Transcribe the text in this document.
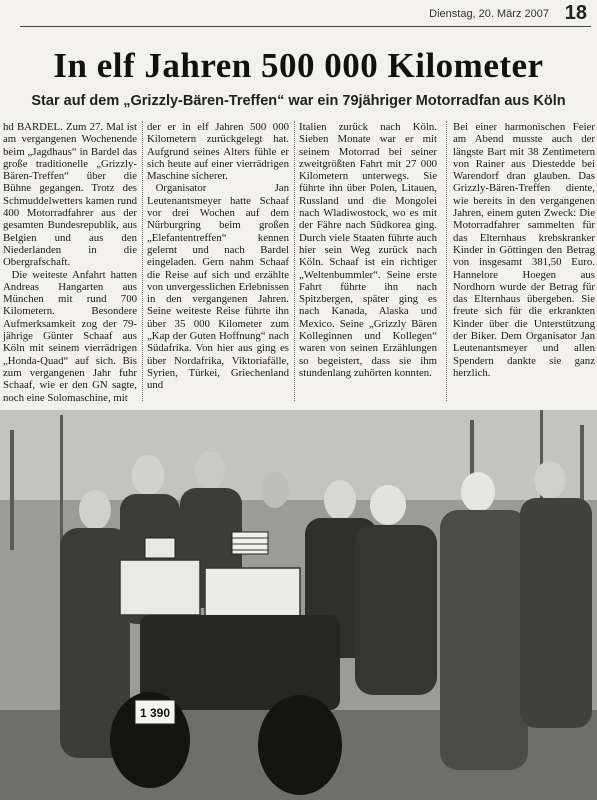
Dienstag, 20. März 2007 18
In elf Jahren 500 000 Kilometer
Star auf dem „Grizzly-Bären-Treffen“ war ein 79jähriger Motorradfan aus Köln

hd BARDEL. Zum 27. Mal ist am vergangenen Wochenende beim „Jagdhaus“ in Bardel das große traditionelle „Grizzly-Bären-Treffen“ über die Bühne gegangen. Trotz des Schmuddelwetters kamen rund 400 Motorradfahrer aus der gesamten Bundesrepublik, aus Belgien und aus den Niederlanden in die Obergrafschaft.

Die weiteste Anfahrt hatten Andreas Hangarten aus München mit rund 700 Kilometern. Besondere Aufmerksamkeit zog der 79-jährige Günter Schaaf aus Köln mit seinem vierrädrigen „Honda-Quad“ auf sich. Bis zum vergangenen Jahr fuhr Schaaf, wie er den GN sagte, noch eine Solomaschine, mit

der er in elf Jahren 500 000 Kilometern zurückgelegt hat. Aufgrund seines Alters fühle er sich heute auf einer vierrädrigen Maschine sicherer.

Organisator Jan Leutenantsmeyer hatte Schaaf vor drei Wochen auf dem Nürburgring beim großen „Elefantentreffen“ kennen gelernt und nach Bardel eingeladen. Gern nahm Schaaf die Reise auf sich und erzählte von unvergesslichen Erlebnissen in den vergangenen Jahren. Seine weiteste Reise führte ihn über 35 000 Kilometer zum „Kap der Guten Hoffnung“ nach Südafrika. Von hier aus ging es über Nordafrika, Viktoriafälle, Syrien, Türkei, Griechenland und

Italien zurück nach Köln. Sieben Monate war er mit seinem Motorrad bei seiner zweitgrößten Fahrt mit 27 000 Kilometern unterwegs. Sie führte ihn über Polen, Litauen, Russland und die Mongolei nach Wladiwostock, wo es mit der Fähre nach Südkorea ging. Durch viele Staaten führte auch hier sein Weg zurück nach Köln. Schaaf ist ein richtiger „Weltenbummler“. Seine erste Fahrt führte ihn nach Spitzbergen, später ging es nach Kanada, Alaska und Mexico. Seine „Grizzly Bären Kolleginnen und Kollegen“ waren von seinen Erzählungen so begeistert, dass sie ihm stundenlang zuhörten konnten.

Bei einer harmonischen Feier am Abend musste auch der längste Bart mit 38 Zentimetern von Rainer aus Diestedde bei Warendorf dran glauben. Das Grizzly-Bären-Treffen diente, wie bereits in den vergangenen Jahren, einem guten Zweck: Die Motorradfahrer sammelten für das Elternhaus krebskranker Kinder in Göttingen den Betrag von insgesamt 381,50 Euro. Hannelore Hoegen aus Nordhorn wurde der Betrag für das Elternhaus übergeben. Sie freute sich für die erkrankten Kinder über die Unterstützung der Biker. Dem Organisator Jan Leutenantsmeyer und allen Spendern dankte sie ganz herzlich.

1 390
